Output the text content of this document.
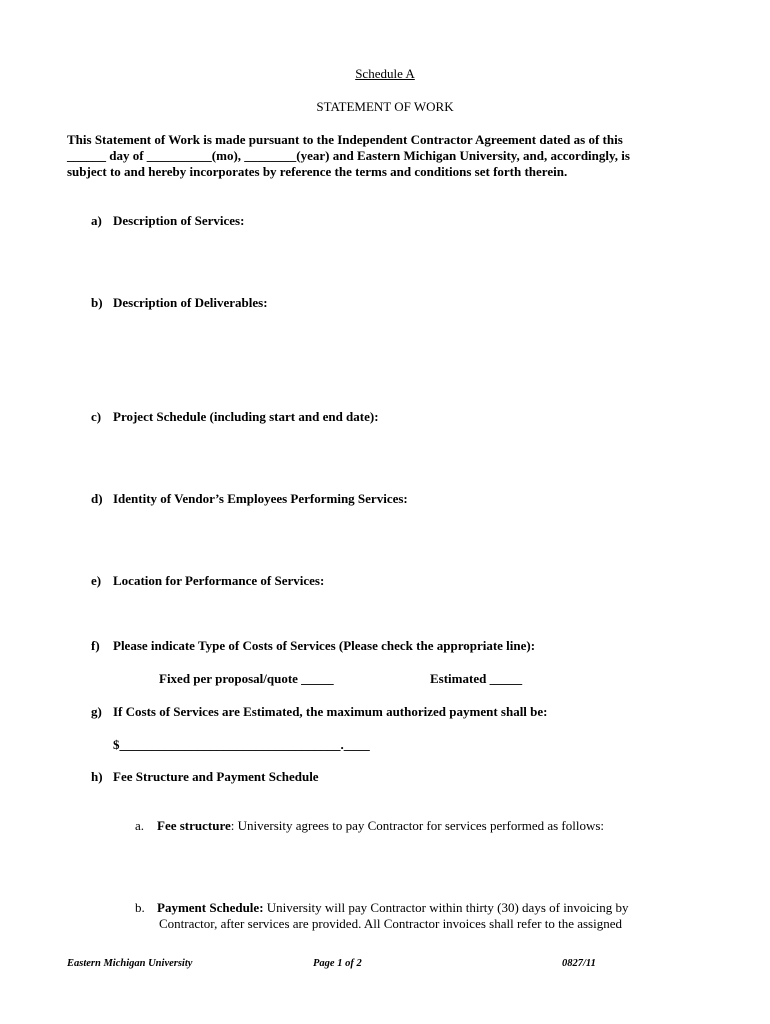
Schedule A
STATEMENT OF WORK
This Statement of Work is made pursuant to the Independent Contractor Agreement dated as of this
______ day of __________(mo), ________(year) and Eastern Michigan University, and, accordingly, is
subject to and hereby incorporates by reference the terms and conditions set forth therein.
a) Description of Services:
b) Description of Deliverables:
c) Project Schedule (including start and end date):
d) Identity of Vendor’s Employees Performing Services:
e) Location for Performance of Services:
f) Please indicate Type of Costs of Services (Please check the appropriate line):
Fixed per proposal/quote _____	Estimated _____
g) If Costs of Services are Estimated, the maximum authorized payment shall be:
$__________________________________.____
h) Fee Structure and Payment Schedule
a. Fee structure: University agrees to pay Contractor for services performed as follows:
b. Payment Schedule: University will pay Contractor within thirty (30) days of invoicing by
Contractor, after services are provided. All Contractor invoices shall refer to the assigned
Eastern Michigan University	Page 1 of 2	0827/11
